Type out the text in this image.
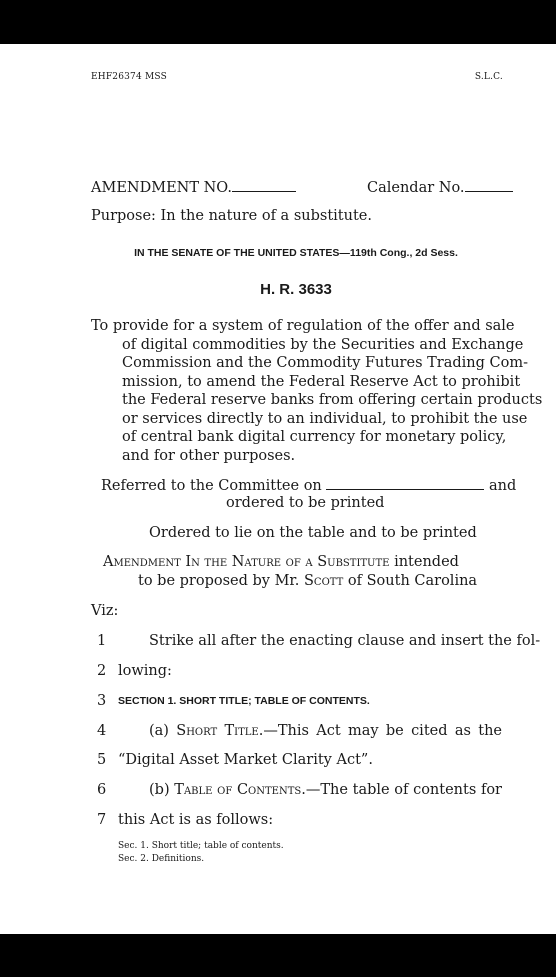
EHF26374 MSS	S.L.C.
AMENDMENT NO.	Calendar No.
Purpose: In the nature of a substitute.
IN THE SENATE OF THE UNITED STATES—119th Cong., 2d Sess.
H. R. 3633
To provide for a system of regulation of the offer and sale
of digital commodities by the Securities and Exchange
Commission and the Commodity Futures Trading Com-
mission, to amend the Federal Reserve Act to prohibit
the Federal reserve banks from offering certain products
or services directly to an individual, to prohibit the use
of central bank digital currency for monetary policy,
and for other purposes.
Referred to the Committee on	and
ordered to be printed
Ordered to lie on the table and to be printed
Amendment In the Nature of a Substitute intended
to be proposed by Mr. Scott of South Carolina
Viz:
1	Strike all after the enacting clause and insert the fol-
2 lowing:
3 SECTION 1. SHORT TITLE; TABLE OF CONTENTS.
4	(a) Short Title.—This Act may be cited as the
5 “Digital Asset Market Clarity Act”.
6	(b) Table of Contents.—The table of contents for
7 this Act is as follows:
Sec. 1. Short title; table of contents.
Sec. 2. Definitions.
